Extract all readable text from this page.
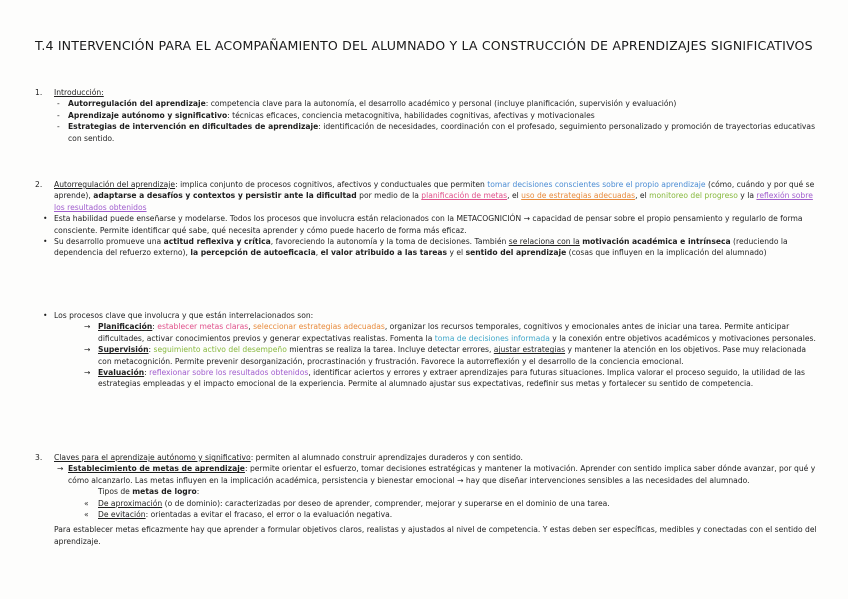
T.4 INTERVENCIÓN PARA EL ACOMPAÑAMIENTO DEL ALUMNADO Y LA CONSTRUCCIÓN DE APRENDIZAJES SIGNIFICATIVOS
1. Introducción:
- Autorregulación del aprendizaje: competencia clave para la autonomía, el desarrollo académico y personal (incluye planificación, supervisión y evaluación)
- Aprendizaje autónomo y significativo: técnicas eficaces, conciencia metacognitiva, habilidades cognitivas, afectivas y motivacionales
- Estrategias de intervención en dificultades de aprendizaje: identificación de necesidades, coordinación con el profesado, seguimiento personalizado y promoción de trayectorias educativas con sentido.
2. Autorregulación del aprendizaje: implica conjunto de procesos cognitivos, afectivos y conductuales que permiten tomar decisiones conscientes sobre el propio aprendizaje (cómo, cuándo y por qué se aprende), adaptarse a desafíos y contextos y persistir ante la dificultad por medio de la planificación de metas, el uso de estrategias adecuadas, el monitoreo del progreso y la reflexión sobre los resultados obtenidos
• Esta habilidad puede enseñarse y modelarse. Todos los procesos que involucra están relacionados con la METACOGNICIÓN → capacidad de pensar sobre el propio pensamiento y regularlo de forma consciente. Permite identificar qué sabe, qué necesita aprender y cómo puede hacerlo de forma más eficaz.
• Su desarrollo promueve una actitud reflexiva y crítica, favoreciendo la autonomía y la toma de decisiones. También se relaciona con la motivación académica e intrínseca (reduciendo la dependencia del refuerzo externo), la percepción de autoeficacia, el valor atribuido a las tareas y el sentido del aprendizaje (cosas que influyen en la implicación del alumnado)
• Los procesos clave que involucra y que están interrelacionados son:
→ Planificación: establecer metas claras, seleccionar estrategias adecuadas, organizar los recursos temporales, cognitivos y emocionales antes de iniciar una tarea. Permite anticipar dificultades, activar conocimientos previos y generar expectativas realistas. Fomenta la toma de decisiones informada y la conexión entre objetivos académicos y motivaciones personales.
→ Supervisión: seguimiento activo del desempeño mientras se realiza la tarea. Incluye detectar errores, ajustar estrategias y mantener la atención en los objetivos. Pase muy relacionada con metacognición. Permite prevenir desorganización, procrastinación y frustración. Favorece la autorreflexión y el desarrollo de la conciencia emocional.
→ Evaluación: reflexionar sobre los resultados obtenidos, identificar aciertos y errores y extraer aprendizajes para futuras situaciones. Implica valorar el proceso seguido, la utilidad de las estrategias empleadas y el impacto emocional de la experiencia. Permite al alumnado ajustar sus expectativas, redefinir sus metas y fortalecer su sentido de competencia.
3. Claves para el aprendizaje autónomo y significativo: permiten al alumnado construir aprendizajes duraderos y con sentido.
→ Establecimiento de metas de aprendizaje: permite orientar el esfuerzo, tomar decisiones estratégicas y mantener la motivación. Aprender con sentido implica saber dónde avanzar, por qué y cómo alcanzarlo. Las metas influyen en la implicación académica, persistencia y bienestar emocional → hay que diseñar intervenciones sensibles a las necesidades del alumnado.
Tipos de metas de logro:
« De aproximación (o de dominio): caracterizadas por deseo de aprender, comprender, mejorar y superarse en el dominio de una tarea.
« De evitación: orientadas a evitar el fracaso, el error o la evaluación negativa.
Para establecer metas eficazmente hay que aprender a formular objetivos claros, realistas y ajustados al nivel de competencia. Y estas deben ser específicas, medibles y conectadas con el sentido del aprendizaje.
